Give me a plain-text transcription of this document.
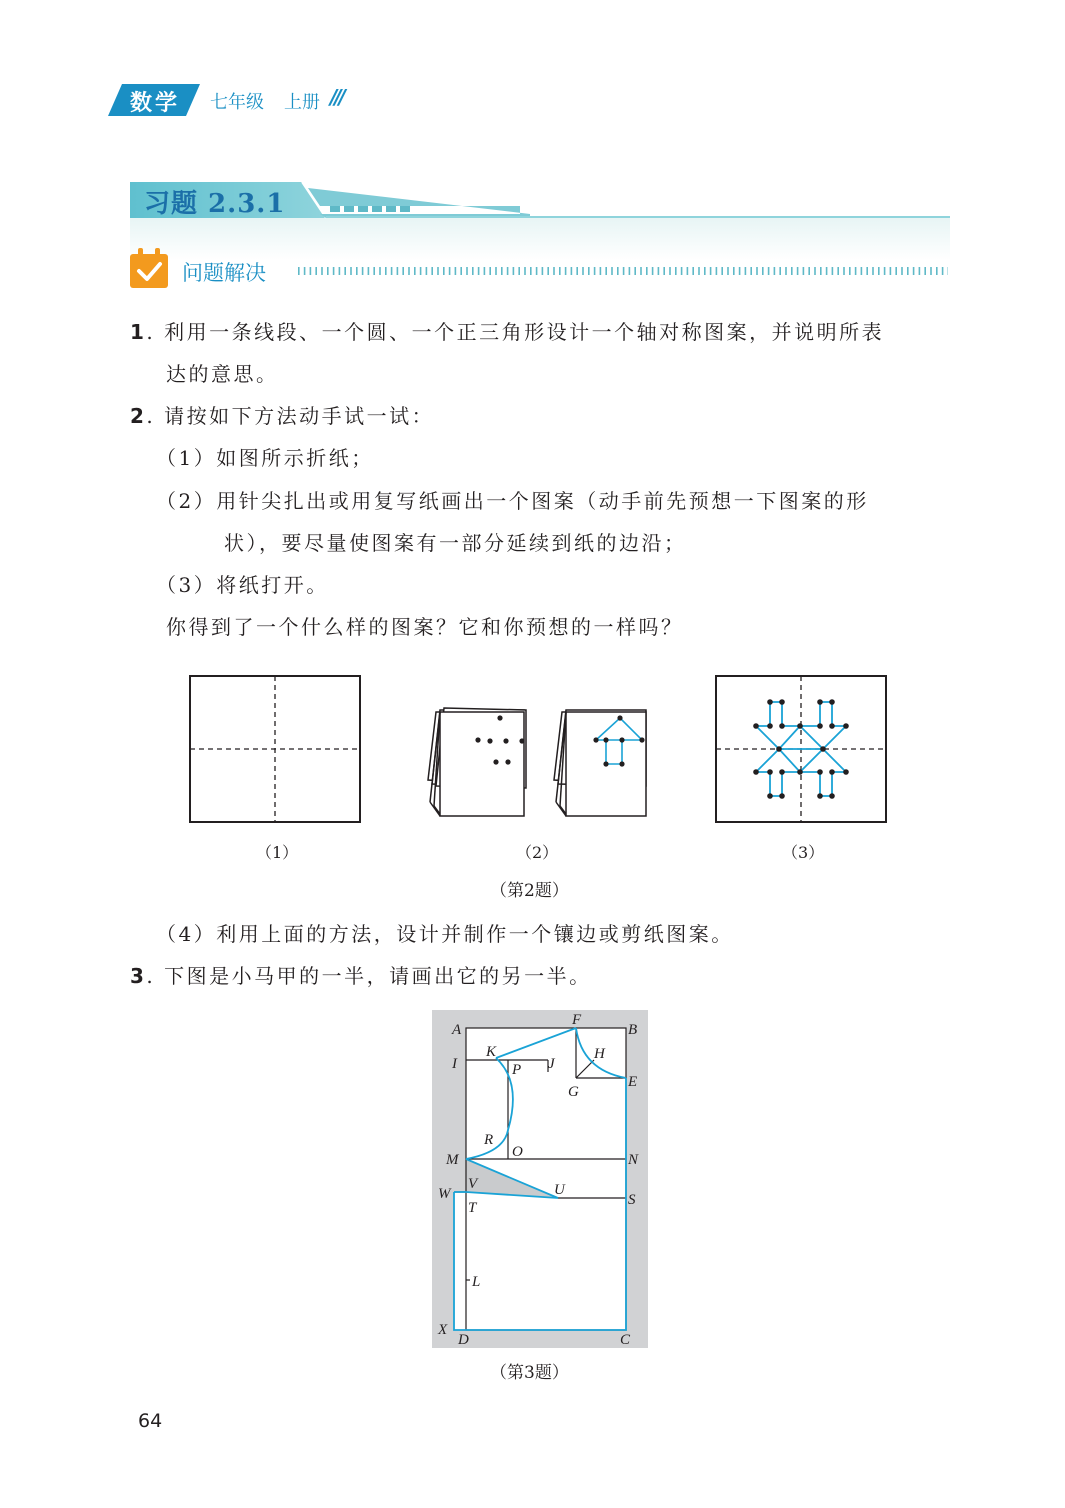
数学 七年级 上册 ///
习题 2.3.1
问题解决
1. 利用一条线段、一个圆、一个正三角形设计一个轴对称图案，并说明所表
达的意思。
2. 请按如下方法动手试一试：
（1）如图所示折纸；
（2）用针尖扎出或用复写纸画出一个图案（动手前先预想一下图案的形
状），要尽量使图案有一部分延续到纸的边沿；
（3）将纸打开。
你得到了一个什么样的图案？它和你预想的一样吗？
（1）	（2）	（3）
（第2题）
（4）利用上面的方法，设计并制作一个镶边或剪纸图案。
3. 下图是小马甲的一半，请画出它的另一半。
A
F
B
I
K
J
H
P
G
E
R
O
M	N
W
V	U
S
T
L
X
D	C
（第3题）
64
